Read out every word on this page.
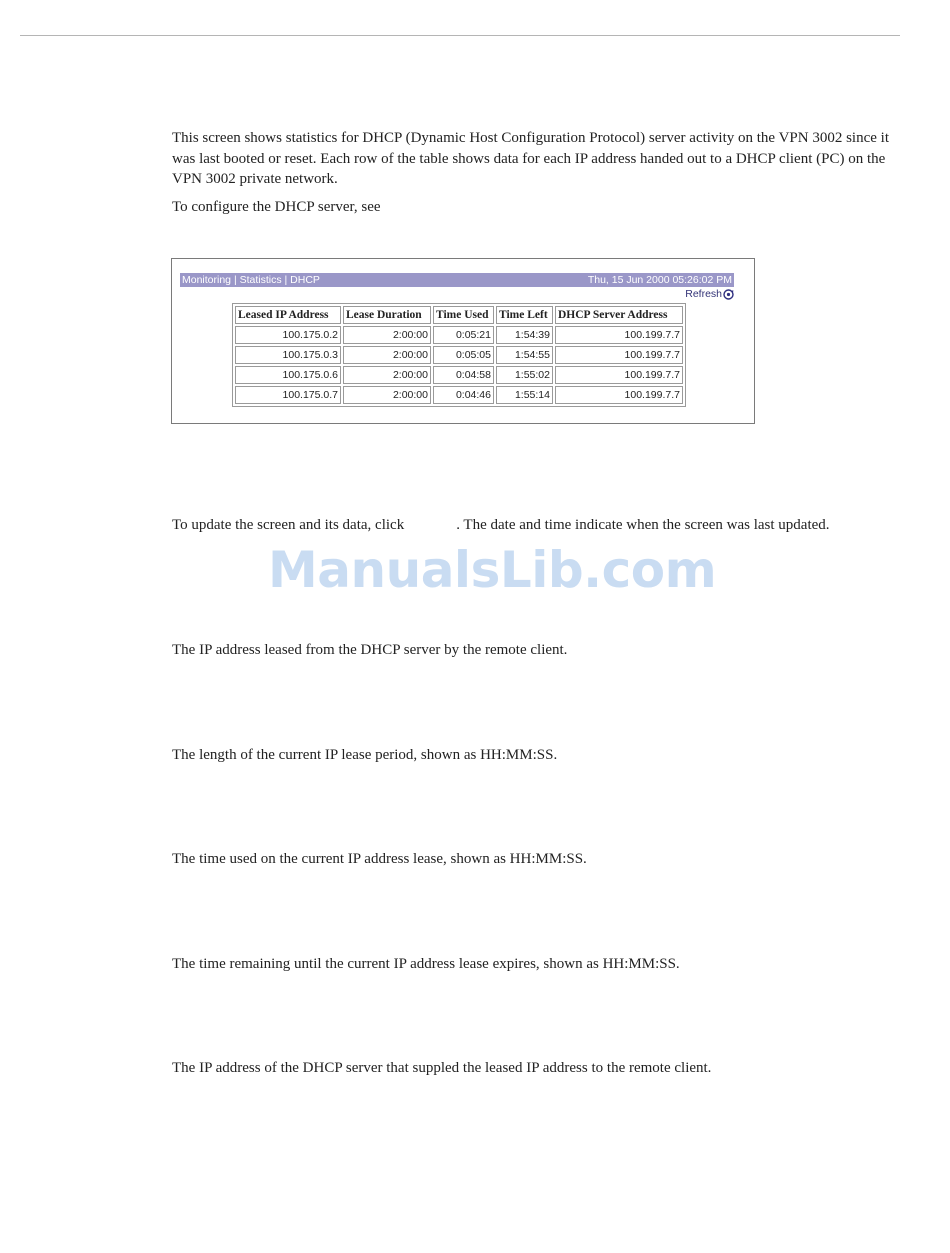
This screen shows statistics for DHCP (Dynamic Host Configuration Protocol) server activity on the VPN 3002 since it was last booted or reset. Each row of the table shows data for each IP address handed out to a DHCP client (PC) on the VPN 3002 private network.

To configure the DHCP server, see

Monitoring | Statistics | DHCP	Thu, 15 Jun 2000 05:26:02 PM
Refresh
Leased IP Address	Lease Duration	Time Used	Time Left	DHCP Server Address
100.175.0.2	2:00:00	0:05:21	1:54:39	100.199.7.7
100.175.0.3	2:00:00	0:05:05	1:54:55	100.199.7.7
100.175.0.6	2:00:00	0:04:58	1:55:02	100.199.7.7
100.175.0.7	2:00:00	0:04:46	1:55:14	100.199.7.7

To update the screen and its data, click	. The date and time indicate when the screen was last updated.

ManualsLib.com

The IP address leased from the DHCP server by the remote client.

The length of the current IP lease period, shown as HH:MM:SS.

The time used on the current IP address lease, shown as HH:MM:SS.

The time remaining until the current IP address lease expires, shown as HH:MM:SS.

The IP address of the DHCP server that suppled the leased IP address to the remote client.
